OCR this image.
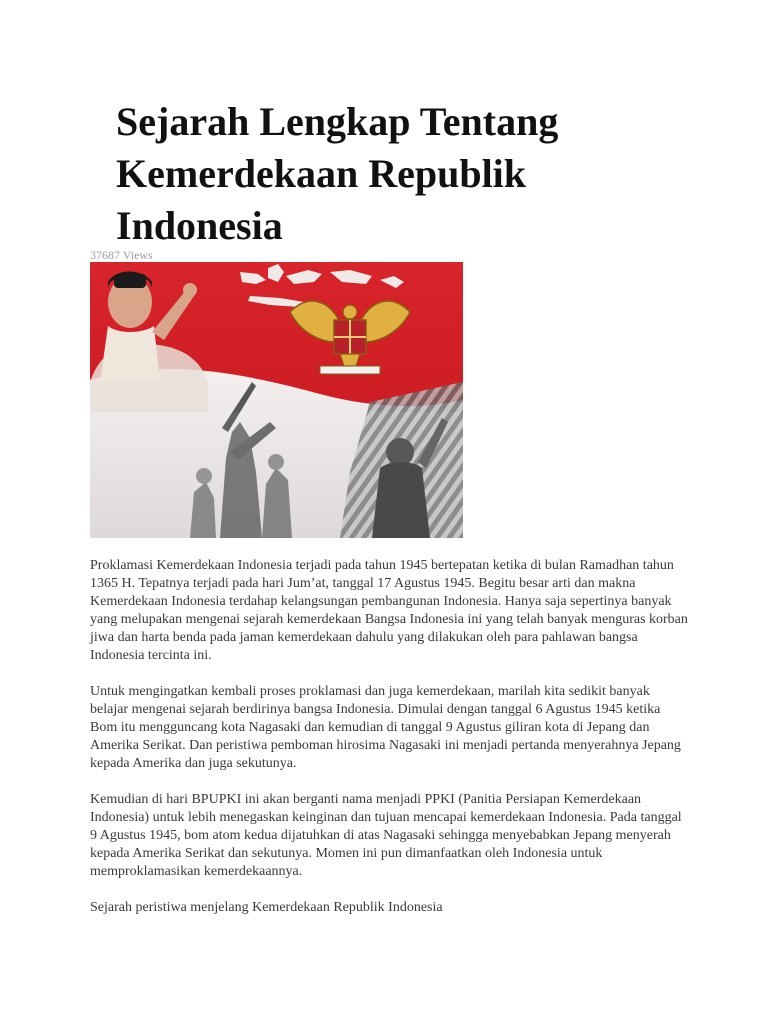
Sejarah Lengkap Tentang Kemerdekaan Republik Indonesia
37687 Views

Proklamasi Kemerdekaan Indonesia terjadi pada tahun 1945 bertepatan ketika di bulan Ramadhan tahun 1365 H. Tepatnya terjadi pada hari Jum’at, tanggal 17 Agustus 1945. Begitu besar arti dan makna Kemerdekaan Indonesia terdahap kelangsungan pembangunan Indonesia. Hanya saja sepertinya banyak yang melupakan mengenai sejarah kemerdekaan Bangsa Indonesia ini yang telah banyak menguras korban jiwa dan harta benda pada jaman kemerdekaan dahulu yang dilakukan oleh para pahlawan bangsa Indonesia tercinta ini.

Untuk mengingatkan kembali proses proklamasi dan juga kemerdekaan, marilah kita sedikit banyak belajar mengenai sejarah berdirinya bangsa Indonesia. Dimulai dengan tanggal 6 Agustus 1945 ketika Bom itu mengguncang kota Nagasaki dan kemudian di tanggal 9 Agustus giliran kota di Jepang dan Amerika Serikat. Dan peristiwa pemboman hirosima Nagasaki ini menjadi pertanda menyerahnya Jepang kepada Amerika dan juga sekutunya.

Kemudian di hari BPUPKI ini akan berganti nama menjadi PPKI (Panitia Persiapan Kemerdekaan Indonesia) untuk lebih menegaskan keinginan dan tujuan mencapai kemerdekaan Indonesia. Pada tanggal 9 Agustus 1945, bom atom kedua dijatuhkan di atas Nagasaki sehingga menyebabkan Jepang menyerah kepada Amerika Serikat dan sekutunya. Momen ini pun dimanfaatkan oleh Indonesia untuk memproklamasikan kemerdekaannya.

Sejarah peristiwa menjelang Kemerdekaan Republik Indonesia
